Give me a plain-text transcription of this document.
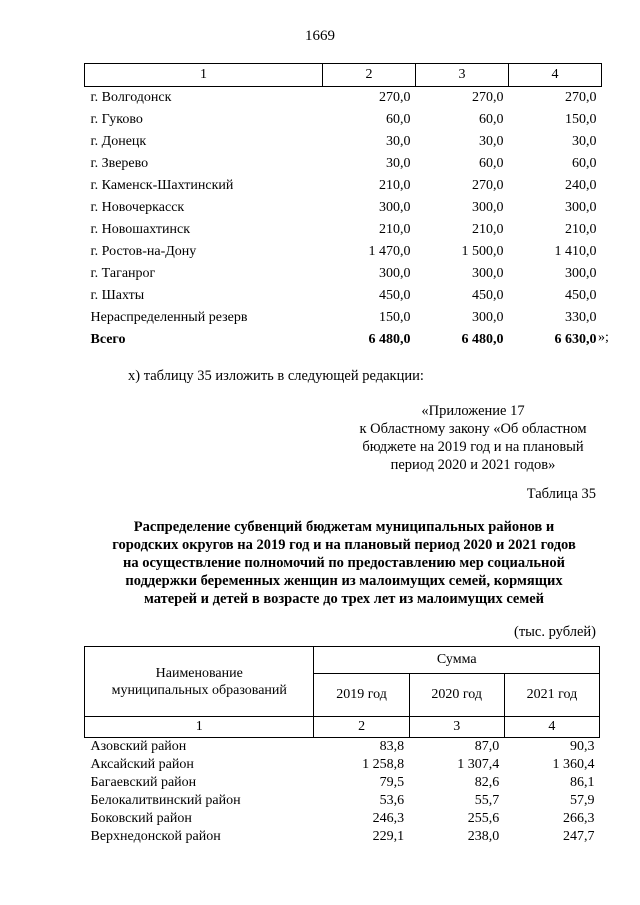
1669
1	2	3	4
г. Волгодонск	270,0	270,0	270,0
г. Гуково	60,0	60,0	150,0
г. Донецк	30,0	30,0	30,0
г. Зверево	30,0	60,0	60,0
г. Каменск-Шахтинский	210,0	270,0	240,0
г. Новочеркасск	300,0	300,0	300,0
г. Новошахтинск	210,0	210,0	210,0
г. Ростов-на-Дону	1 470,0	1 500,0	1 410,0
г. Таганрог	300,0	300,0	300,0
г. Шахты	450,0	450,0	450,0
Нераспределенный резерв	150,0	300,0	330,0
Всего	6 480,0	6 480,0	6 630,0 »;
х) таблицу 35 изложить в следующей редакции:
«Приложение 17
к Областному закону «Об областном
бюджете на 2019 год и на плановый
период 2020 и 2021 годов»
Таблица 35
Распределение субвенций бюджетам муниципальных районов и
городских округов на 2019 год и на плановый период 2020 и 2021 годов
на осуществление полномочий по предоставлению мер социальной
поддержки беременных женщин из малоимущих семей, кормящих
матерей и детей в возрасте до трех лет из малоимущих семей
(тыс. рублей)
Наименование
муниципальных образований	Сумма		
	2019 год	2020 год	2021 год
1	2	3	4
Азовский район	83,8	87,0	90,3
Аксайский район	1 258,8	1 307,4	1 360,4
Багаевский район	79,5	82,6	86,1
Белокалитвинский район	53,6	55,7	57,9
Боковский район	246,3	255,6	266,3
Верхнедонской район	229,1	238,0	247,7
